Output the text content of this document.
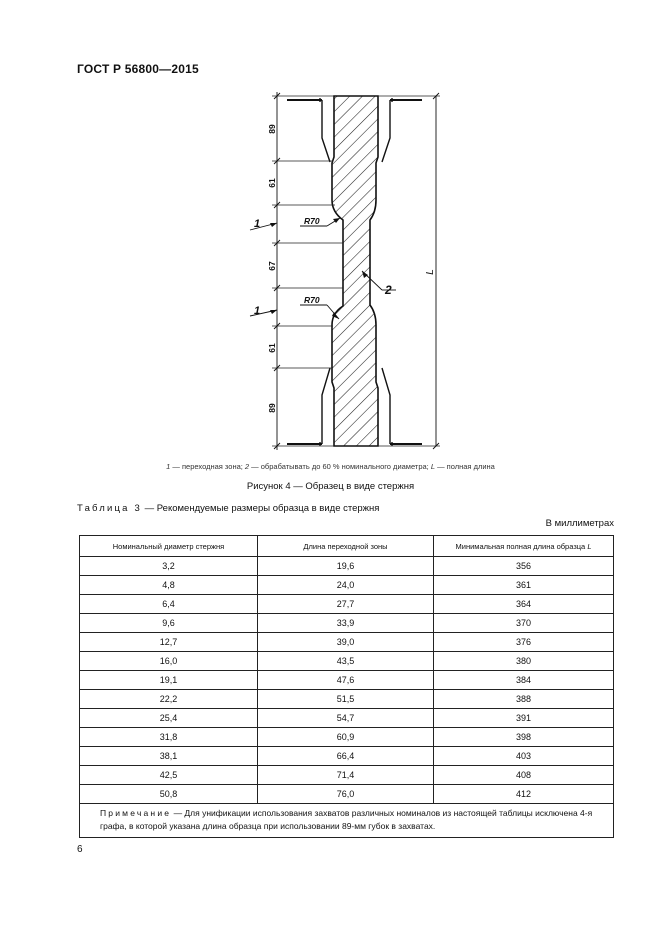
ГОСТ Р 56800—2015
89
61
67
61
89
L
R70
R70
1
1
2
1 — переходная зона; 2 — обрабатывать до 60 % номинального диаметра; L — полная длина
Рисунок 4 — Образец в виде стержня
Таблица 3 — Рекомендуемые размеры образца в виде стержня
В миллиметрах
Номинальный диаметр стержня	Длина переходной зоны	Минимальная полная длина образца L
3,2	19,6	356
4,8	24,0	361
6,4	27,7	364
9,6	33,9	370
12,7	39,0	376
16,0	43,5	380
19,1	47,6	384
22,2	51,5	388
25,4	54,7	391
31,8	60,9	398
38,1	66,4	403
42,5	71,4	408
50,8	76,0	412
Примечание — Для унификации использования захватов различных номиналов из настоящей таблицы исключена 4-я графа, в которой указана длина образца при использовании 89-мм губок в захватах.		
6
